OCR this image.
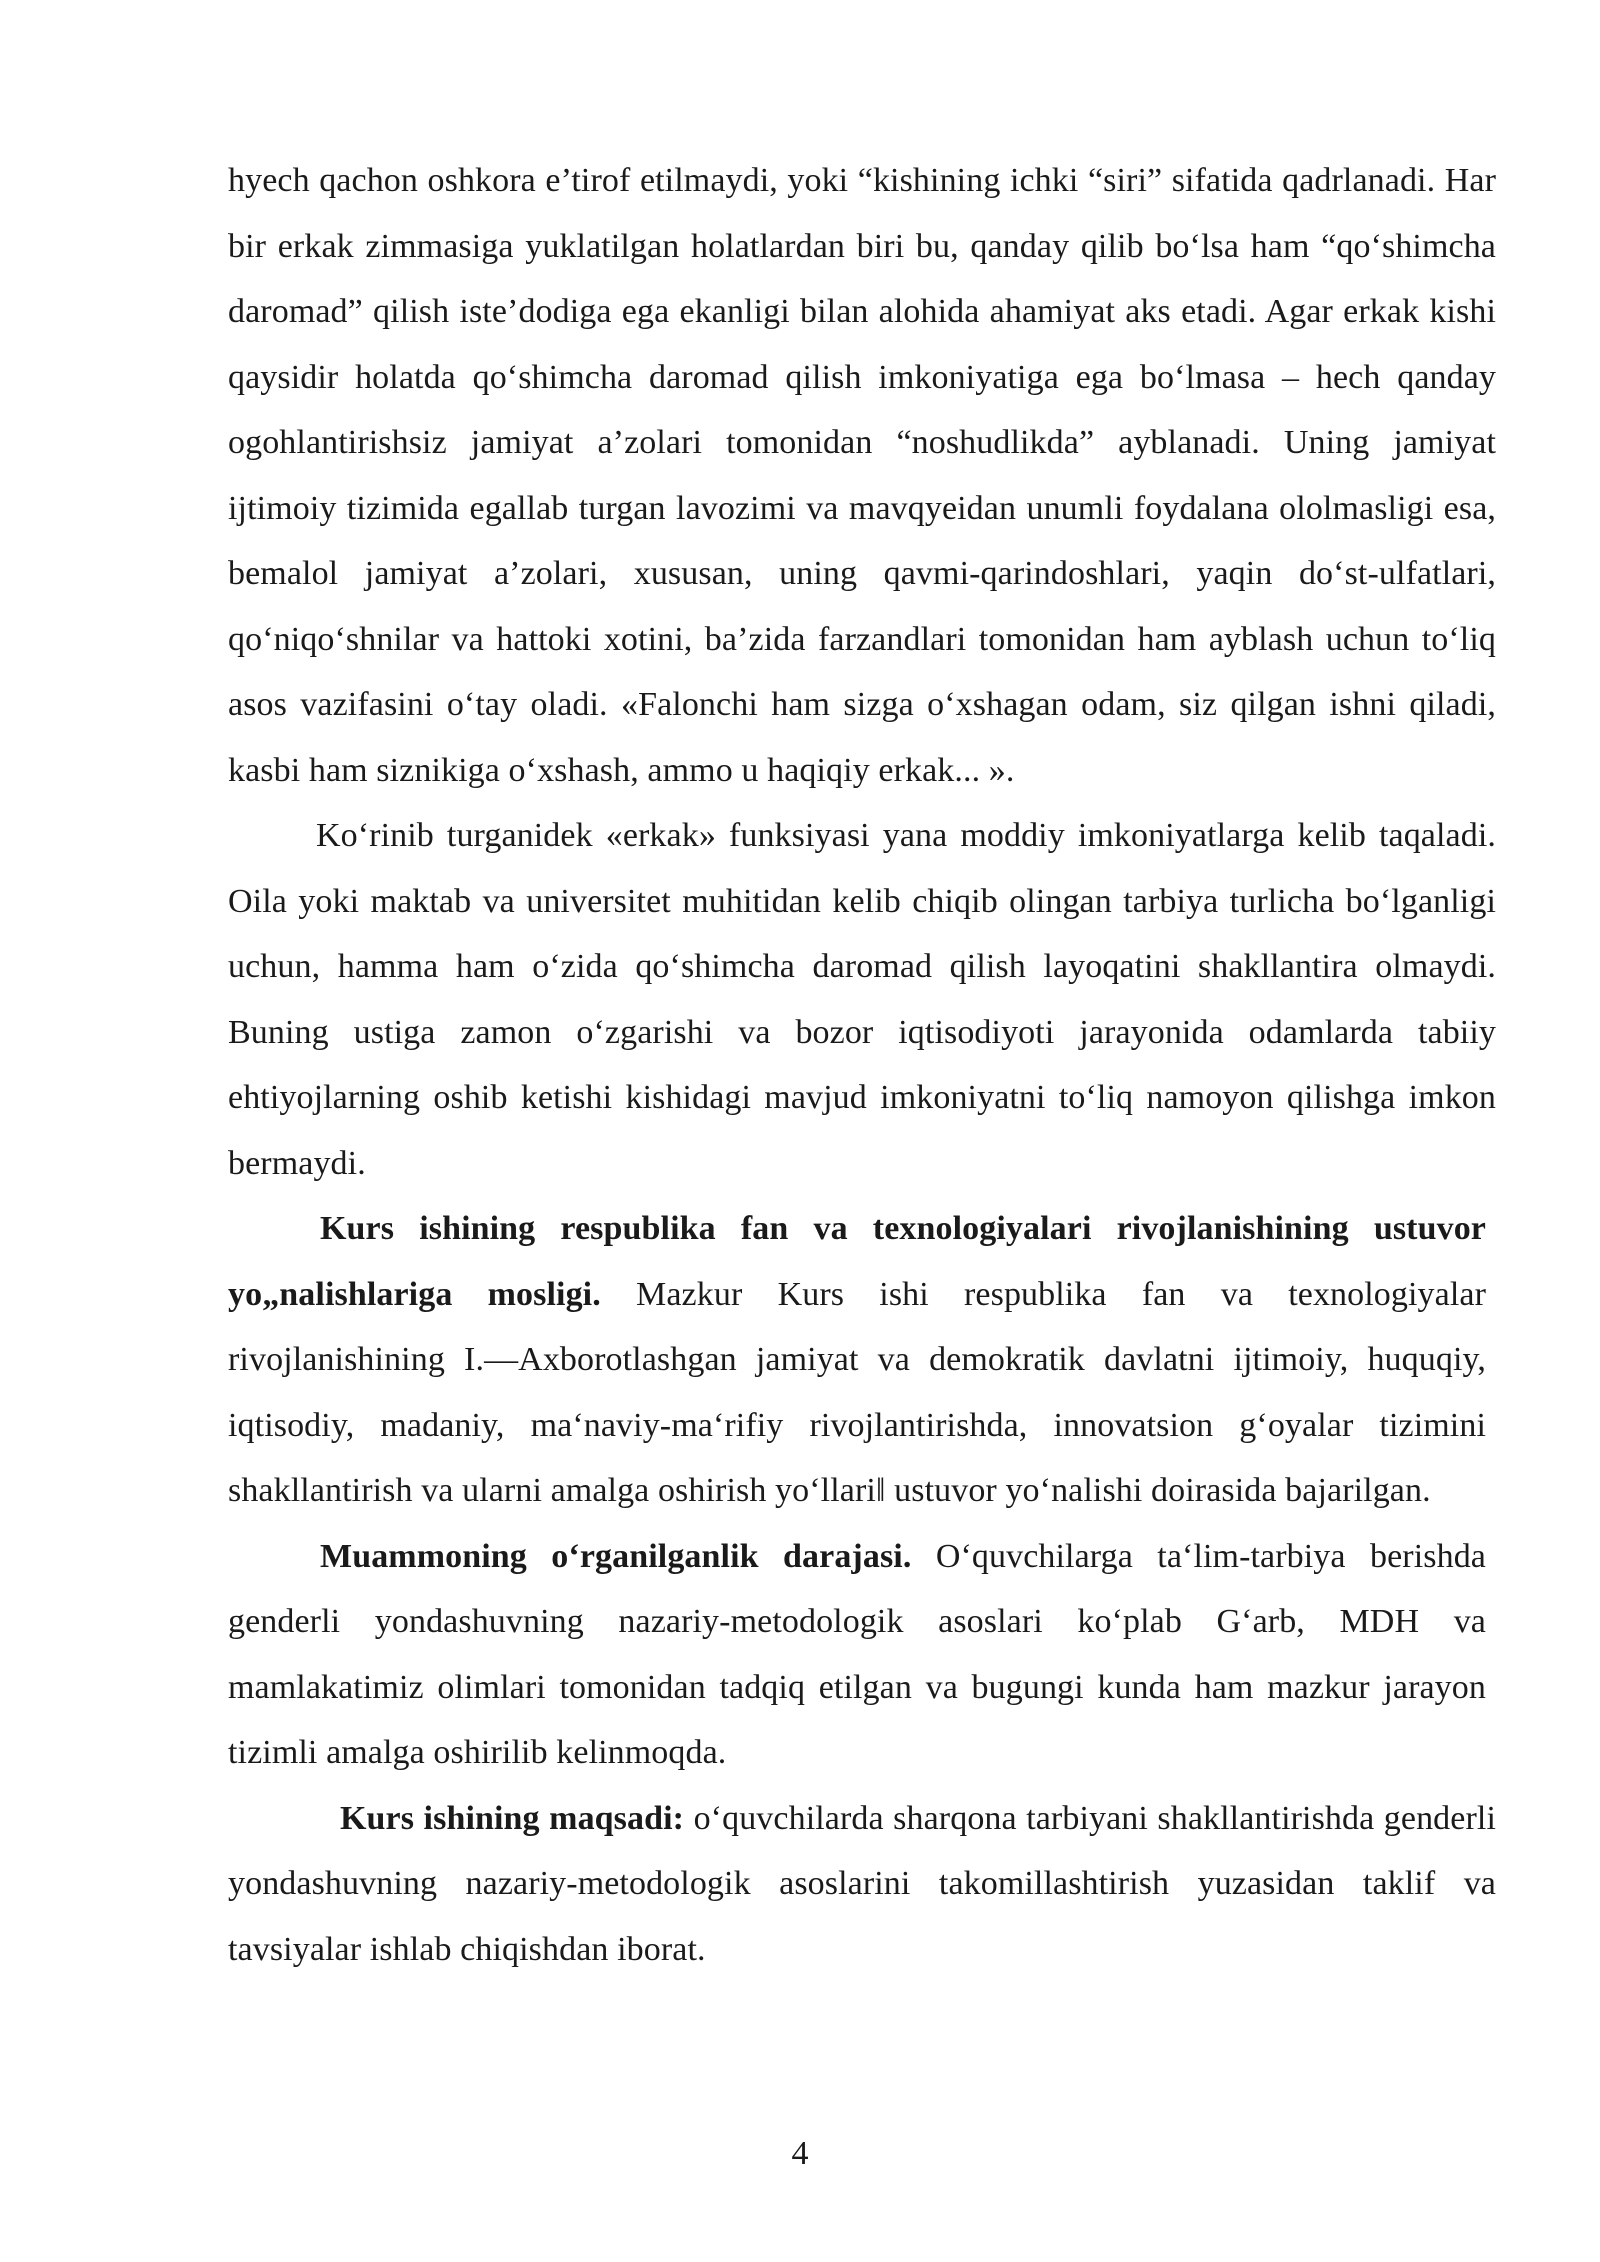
hyech qachon oshkora e’tirof etilmaydi, yoki “kishining ichki “siri” sifatida qadrlanadi. Har bir erkak zimmasiga yuklatilgan holatlardan biri bu, qanday qilib bo‘lsa ham “qo‘shimcha daromad” qilish iste’dodiga ega ekanligi bilan alohida ahamiyat aks etadi. Agar erkak kishi qaysidir holatda qo‘shimcha daromad qilish imkoniyatiga ega bo‘lmasa – hech qanday ogohlantirishsiz jamiyat a’zolari tomonidan “noshudlikda” ayblanadi. Uning jamiyat ijtimoiy tizimida egallab turgan lavozimi va mavqyeidan unumli foydalana ololmasligi esa, bemalol jamiyat a’zolari, xususan, uning qavmi-qarindoshlari, yaqin do‘st-ulfatlari, qo‘niqo‘shnilar va hattoki xotini, ba’zida farzandlari tomonidan ham ayblash uchun to‘liq asos vazifasini o‘tay oladi. «Falonchi ham sizga o‘xshagan odam, siz qilgan ishni qiladi, kasbi ham siznikiga o‘xshash, ammo u haqiqiy erkak... ».

Ko‘rinib turganidek «erkak» funksiyasi yana moddiy imkoniyatlarga kelib taqaladi. Oila yoki maktab va universitet muhitidan kelib chiqib olingan tarbiya turlicha bo‘lganligi uchun, hamma ham o‘zida qo‘shimcha daromad qilish layoqatini shakllantira olmaydi. Buning ustiga zamon o‘zgarishi va bozor iqtisodiyoti jarayonida odamlarda tabiiy ehtiyojlarning oshib ketishi kishidagi mavjud imkoniyatni to‘liq namoyon qilishga imkon bermaydi.

Kurs ishining respublika fan va texnologiyalari rivojlanishining ustuvor yo„nalishlariga mosligi. Mazkur Kurs ishi respublika fan va texnologiyalar rivojlanishining I.―Axborotlashgan jamiyat va demokratik davlatni ijtimoiy, huquqiy, iqtisodiy, madaniy, ma‘naviy-ma‘rifiy rivojlantirishda, innovatsion g‘oyalar tizimini shakllantirish va ularni amalga oshirish yo‘llari‖ ustuvor yo‘nalishi doirasida bajarilgan.

Muammoning o‘rganilganlik darajasi. O‘quvchilarga ta‘lim-tarbiya berishda genderli yondashuvning nazariy-metodologik asoslari ko‘plab G‘arb, MDH va mamlakatimiz olimlari tomonidan tadqiq etilgan va bugungi kunda ham mazkur jarayon tizimli amalga oshirilib kelinmoqda.

Kurs ishining maqsadi: o‘quvchilarda sharqona tarbiyani shakllantirishda genderli yondashuvning nazariy-metodologik asoslarini takomillashtirish yuzasidan taklif va tavsiyalar ishlab chiqishdan iborat.

4
